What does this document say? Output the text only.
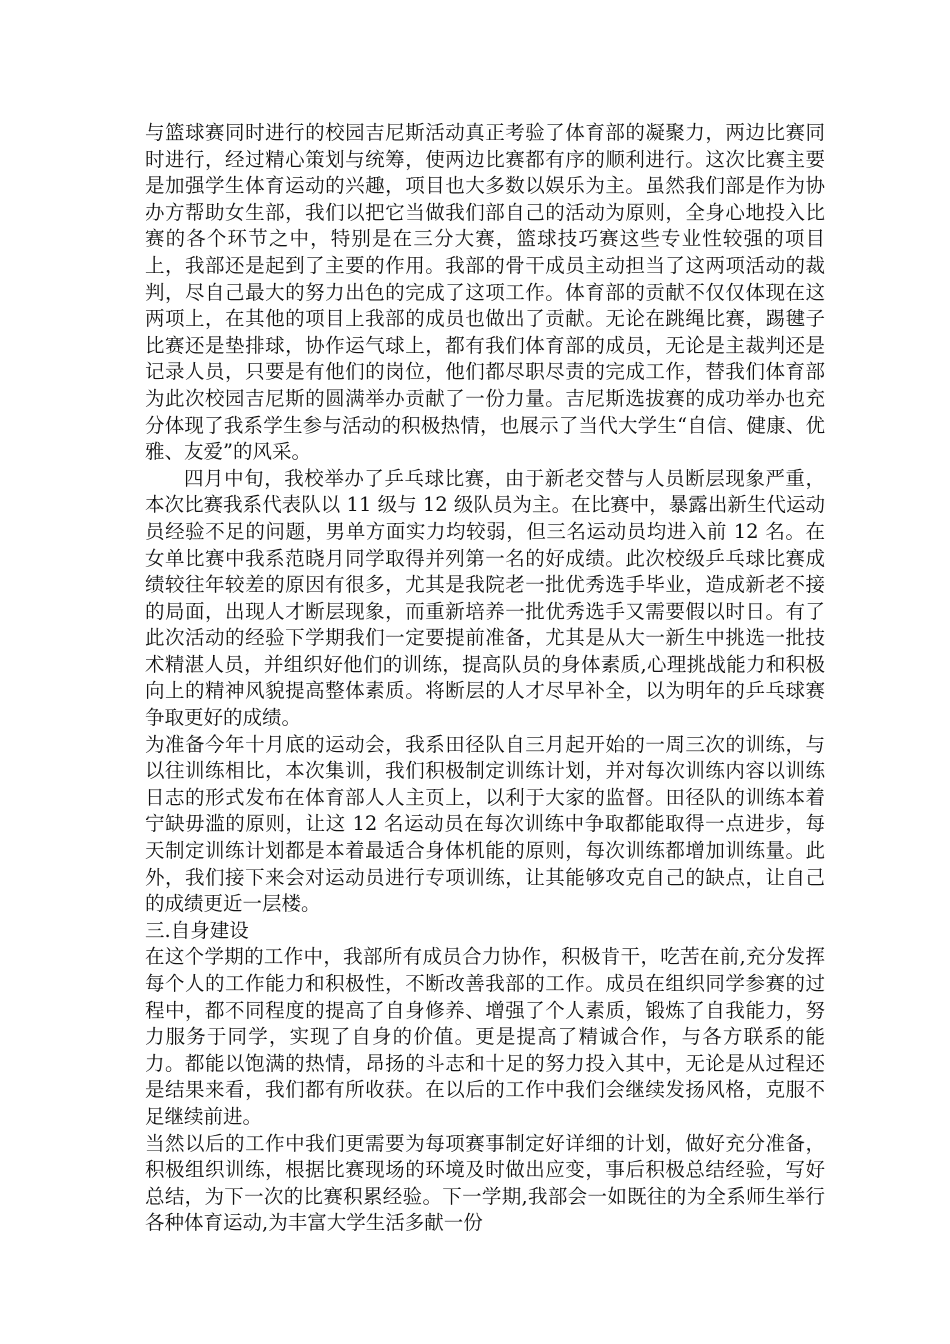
与篮球赛同时进行的校园吉尼斯活动真正考验了体育部的凝聚力，两边比赛同时进行，经过精心策划与统筹，使两边比赛都有序的顺利进行。这次比赛主要是加强学生体育运动的兴趣，项目也大多数以娱乐为主。虽然我们部是作为协办方帮助女生部，我们以把它当做我们部自己的活动为原则，全身心地投入比赛的各个环节之中，特别是在三分大赛，篮球技巧赛这些专业性较强的项目上，我部还是起到了主要的作用。我部的骨干成员主动担当了这两项活动的裁判，尽自己最大的努力出色的完成了这项工作。体育部的贡献不仅仅体现在这两项上，在其他的项目上我部的成员也做出了贡献。无论在跳绳比赛，踢毽子比赛还是垫排球，协作运气球上，都有我们体育部的成员，无论是主裁判还是记录人员，只要是有他们的岗位，他们都尽职尽责的完成工作，替我们体育部为此次校园吉尼斯的圆满举办贡献了一份力量。吉尼斯选拔赛的成功举办也充分体现了我系学生参与活动的积极热情，也展示了当代大学生“自信、健康、优雅、友爱”的风采。

四月中旬，我校举办了乒乓球比赛，由于新老交替与人员断层现象严重，本次比赛我系代表队以 11 级与 12 级队员为主。在比赛中，暴露出新生代运动员经验不足的问题，男单方面实力均较弱，但三名运动员均进入前 12 名。在女单比赛中我系范晓月同学取得并列第一名的好成绩。此次校级乒乓球比赛成绩较往年较差的原因有很多，尤其是我院老一批优秀选手毕业，造成新老不接的局面，出现人才断层现象，而重新培养一批优秀选手又需要假以时日。有了此次活动的经验下学期我们一定要提前准备，尤其是从大一新生中挑选一批技术精湛人员，并组织好他们的训练，提高队员的身体素质,心理挑战能力和积极向上的精神风貌提高整体素质。将断层的人才尽早补全，以为明年的乒乓球赛争取更好的成绩。

为准备今年十月底的运动会，我系田径队自三月起开始的一周三次的训练，与以往训练相比，本次集训，我们积极制定训练计划，并对每次训练内容以训练日志的形式发布在体育部人人主页上，以利于大家的监督。田径队的训练本着宁缺毋滥的原则，让这 12 名运动员在每次训练中争取都能取得一点进步，每天制定训练计划都是本着最适合身体机能的原则，每次训练都增加训练量。此外，我们接下来会对运动员进行专项训练，让其能够攻克自己的缺点，让自己的成绩更近一层楼。

三.自身建设

在这个学期的工作中，我部所有成员合力协作，积极肯干，吃苦在前,充分发挥每个人的工作能力和积极性，不断改善我部的工作。成员在组织同学参赛的过程中，都不同程度的提高了自身修养、增强了个人素质，锻炼了自我能力，努力服务于同学，实现了自身的价值。更是提高了精诚合作，与各方联系的能力。都能以饱满的热情，昂扬的斗志和十足的努力投入其中，无论是从过程还是结果来看，我们都有所收获。在以后的工作中我们会继续发扬风格，克服不足继续前进。

当然以后的工作中我们更需要为每项赛事制定好详细的计划，做好充分准备，积极组织训练，根据比赛现场的环境及时做出应变，事后积极总结经验，写好总结，为下一次的比赛积累经验。下一学期,我部会一如既往的为全系师生举行各种体育运动,为丰富大学生活多献一份
